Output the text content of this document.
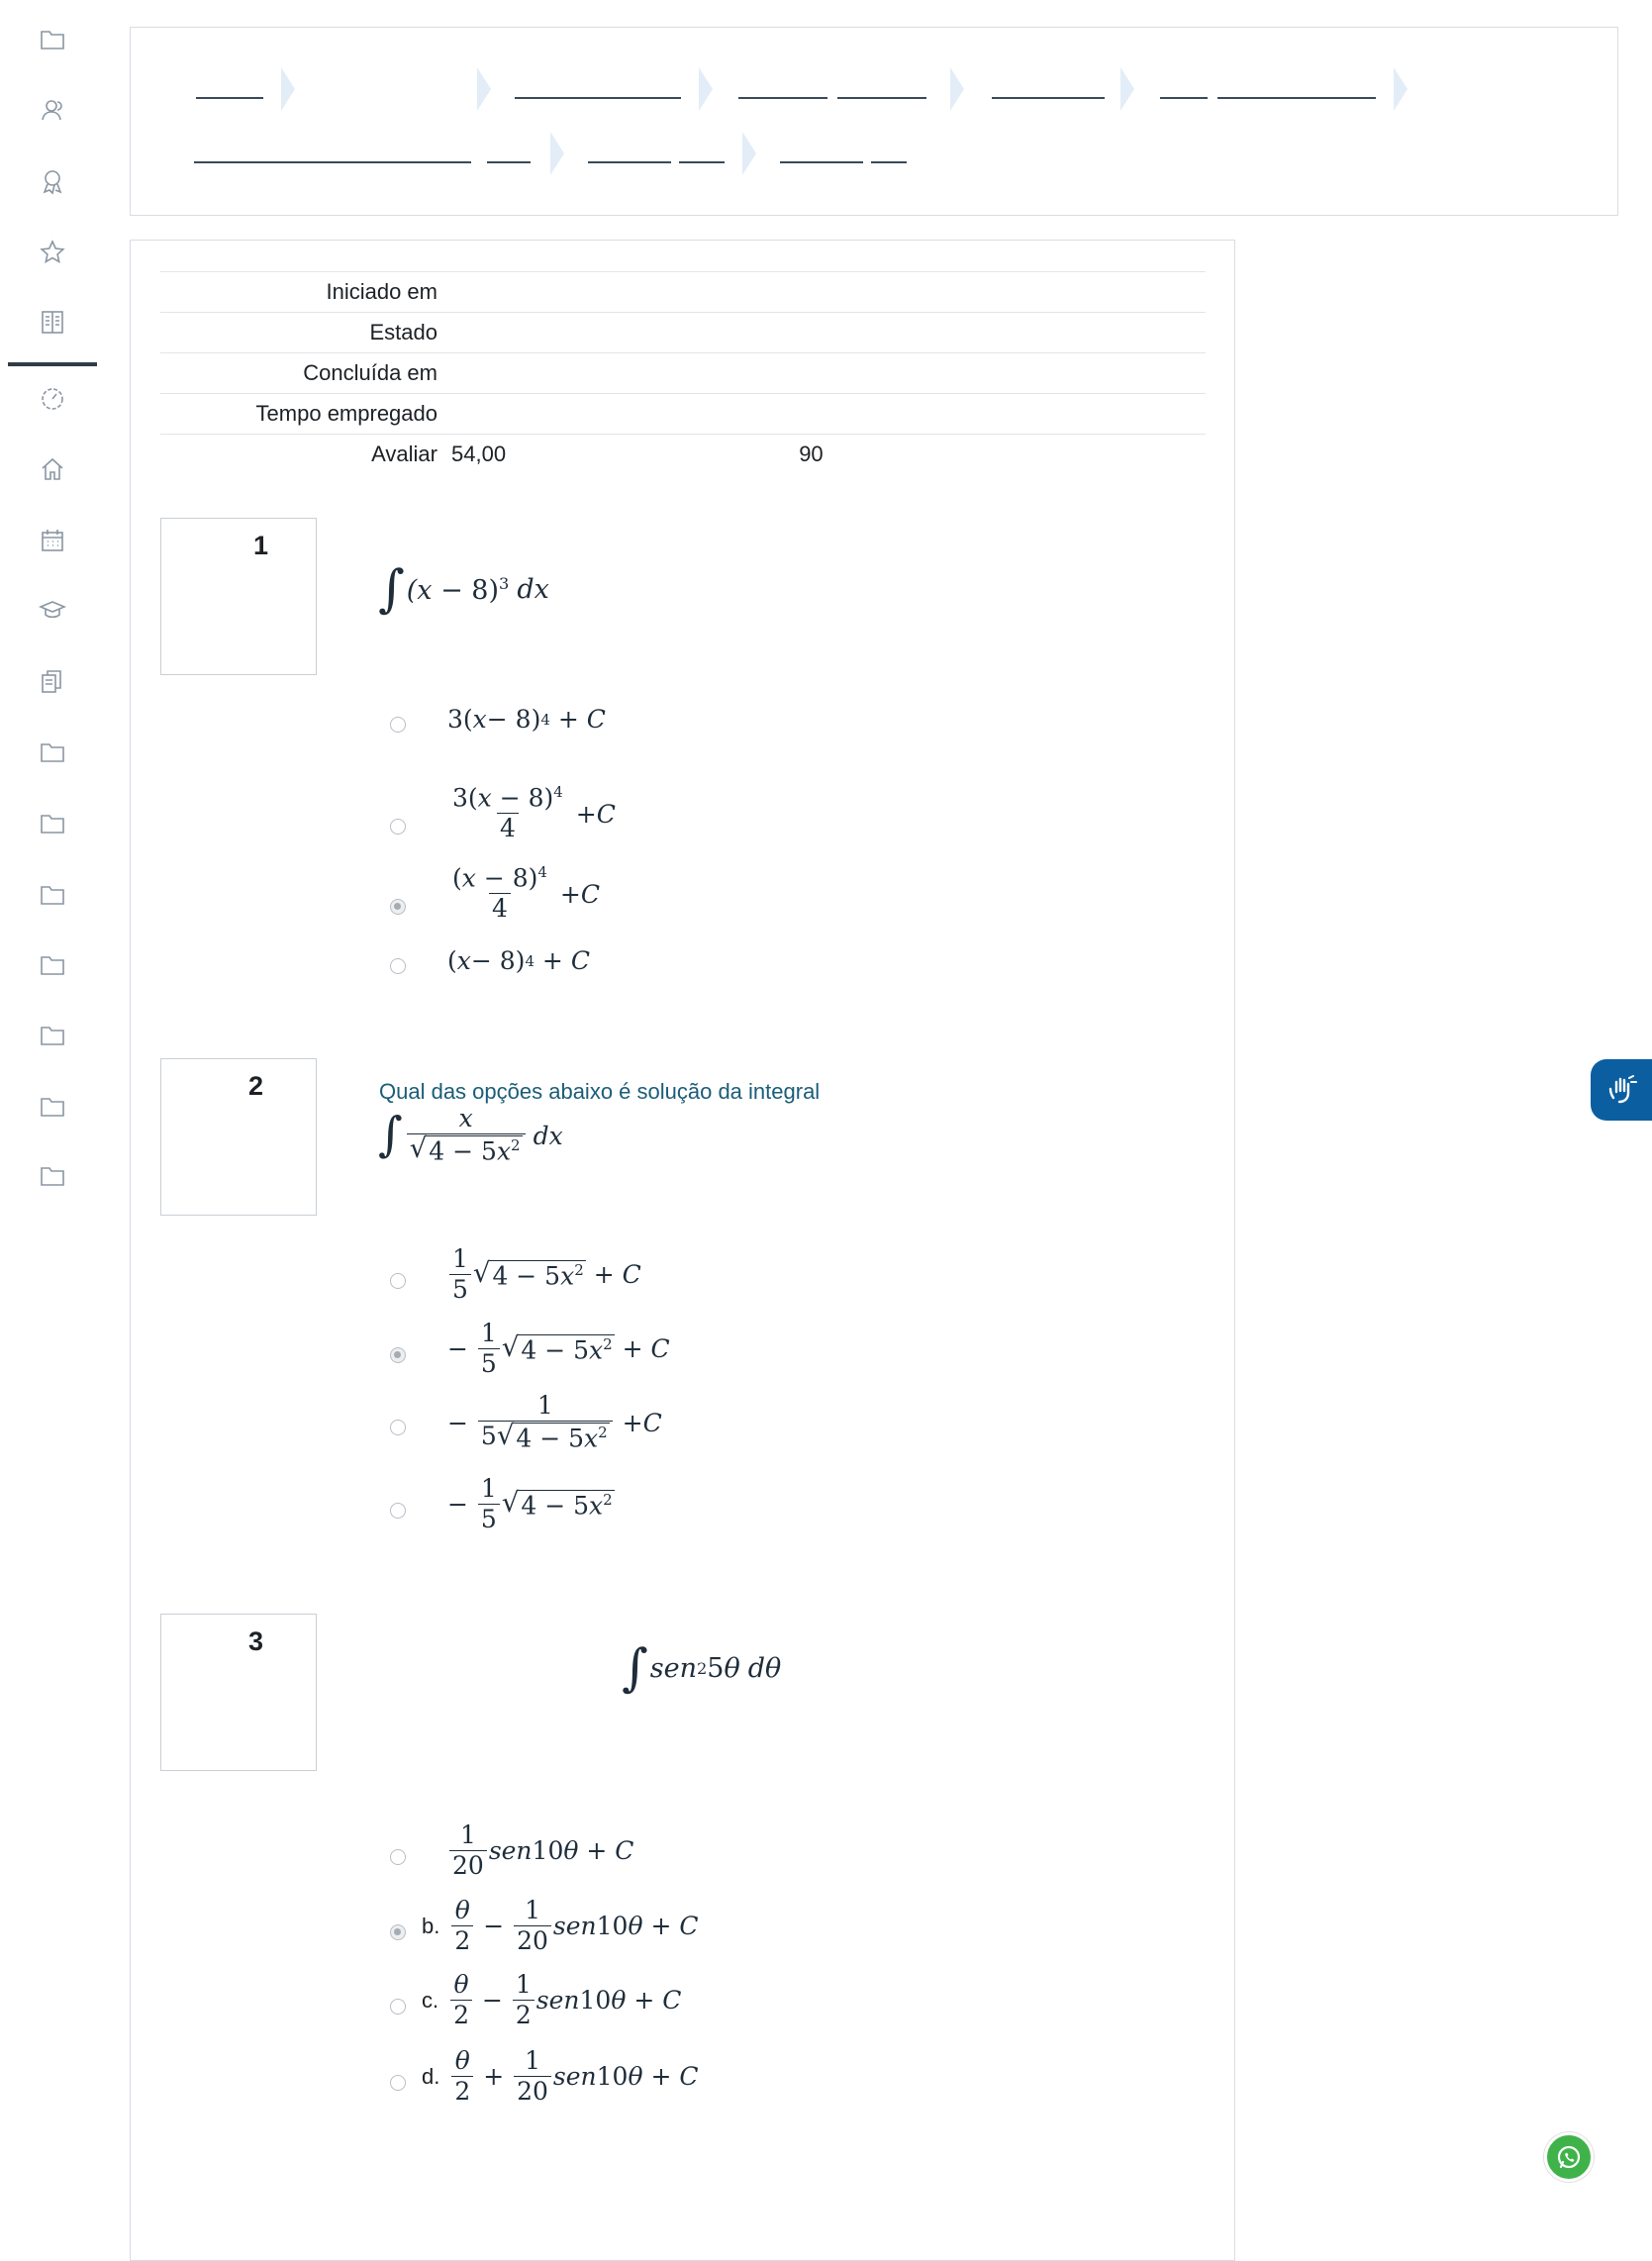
Iniciado em	
Estado	
Concluída em	
Tempo empregado	
Avaliar	54,00 90
1
∫ $(x - 8)^3$ dx
3( x − 8) 4 + C
$\frac{3(x - 8)^4}{4} + C$
$\frac{(x - 8)^4}{4} + C$
( x − 8) 4 + C
2	Qual das opções abaixo é solução da integral
∫ $\frac{x}{√ 4 - 5x^2}$ dx
$\frac{1}{5}$ √ $4 - 5x^2 + C$
− $\frac{1}{5}$ √ $4 - 5x^2 + C$
− $\frac{1}{5 √ 4 - 5x^2} + C$
− $\frac{1}{5}$ √ $4 - 5x^2$
3	∫ sen 2 5 θ dθ
$\frac{1}{20}$ sen 10 θ + C
b. $\frac{\theta}{2} - \frac{1}{20}$ sen 10 θ + C
c. $\frac{\theta}{2} - \frac{1}{2}$ sen 10 θ + C
d. $\frac{\theta}{2} + \frac{1}{20}$ sen 10 θ + C
